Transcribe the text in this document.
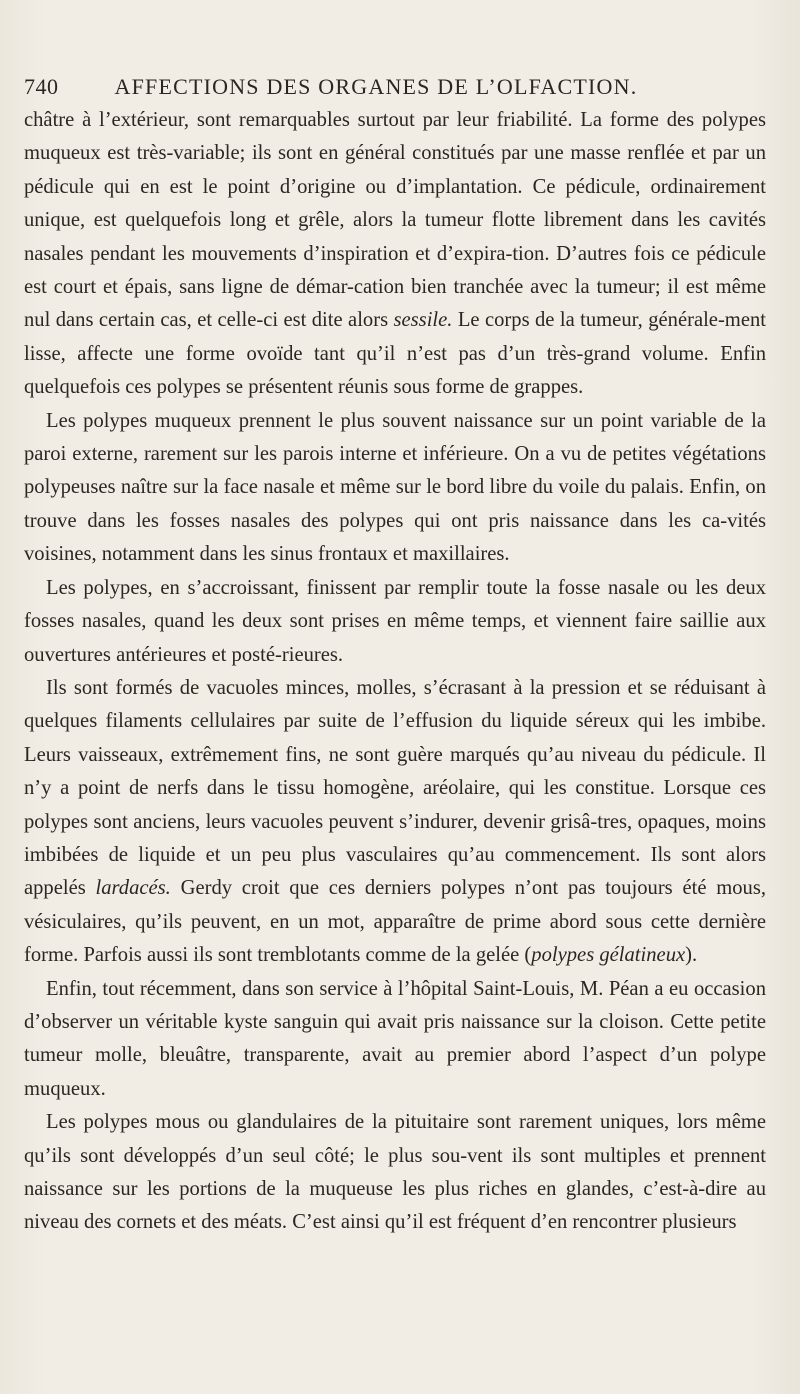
740	AFFECTIONS DES ORGANES DE L’OLFACTION.

châtre à l’extérieur, sont remarquables surtout par leur friabilité. La forme des polypes muqueux est très-variable; ils sont en général constitués par une masse renflée et par un pédicule qui en est le point d’origine ou d’implantation. Ce pédicule, ordinairement unique, est quelquefois long et grêle, alors la tumeur flotte librement dans les cavités nasales pendant les mouvements d’inspiration et d’expira-tion. D’autres fois ce pédicule est court et épais, sans ligne de démar-cation bien tranchée avec la tumeur; il est même nul dans certain cas, et celle-ci est dite alors sessile. Le corps de la tumeur, générale-ment lisse, affecte une forme ovoïde tant qu’il n’est pas d’un très-grand volume. Enfin quelquefois ces polypes se présentent réunis sous forme de grappes.

Les polypes muqueux prennent le plus souvent naissance sur un point variable de la paroi externe, rarement sur les parois interne et inférieure. On a vu de petites végétations polypeuses naître sur la face nasale et même sur le bord libre du voile du palais. Enfin, on trouve dans les fosses nasales des polypes qui ont pris naissance dans les ca-vités voisines, notamment dans les sinus frontaux et maxillaires.

Les polypes, en s’accroissant, finissent par remplir toute la fosse nasale ou les deux fosses nasales, quand les deux sont prises en même temps, et viennent faire saillie aux ouvertures antérieures et posté-rieures.

Ils sont formés de vacuoles minces, molles, s’écrasant à la pression et se réduisant à quelques filaments cellulaires par suite de l’effusion du liquide séreux qui les imbibe. Leurs vaisseaux, extrêmement fins, ne sont guère marqués qu’au niveau du pédicule. Il n’y a point de nerfs dans le tissu homogène, aréolaire, qui les constitue. Lorsque ces polypes sont anciens, leurs vacuoles peuvent s’indurer, devenir grisâ-tres, opaques, moins imbibées de liquide et un peu plus vasculaires qu’au commencement. Ils sont alors appelés lardacés. Gerdy croit que ces derniers polypes n’ont pas toujours été mous, vésiculaires, qu’ils peuvent, en un mot, apparaître de prime abord sous cette dernière forme. Parfois aussi ils sont tremblotants comme de la gelée (polypes gélatineux).

Enfin, tout récemment, dans son service à l’hôpital Saint-Louis, M. Péan a eu occasion d’observer un véritable kyste sanguin qui avait pris naissance sur la cloison. Cette petite tumeur molle, bleuâtre, transparente, avait au premier abord l’aspect d’un polype muqueux.

Les polypes mous ou glandulaires de la pituitaire sont rarement uniques, lors même qu’ils sont développés d’un seul côté; le plus sou-vent ils sont multiples et prennent naissance sur les portions de la muqueuse les plus riches en glandes, c’est-à-dire au niveau des cornets et des méats. C’est ainsi qu’il est fréquent d’en rencontrer plusieurs
